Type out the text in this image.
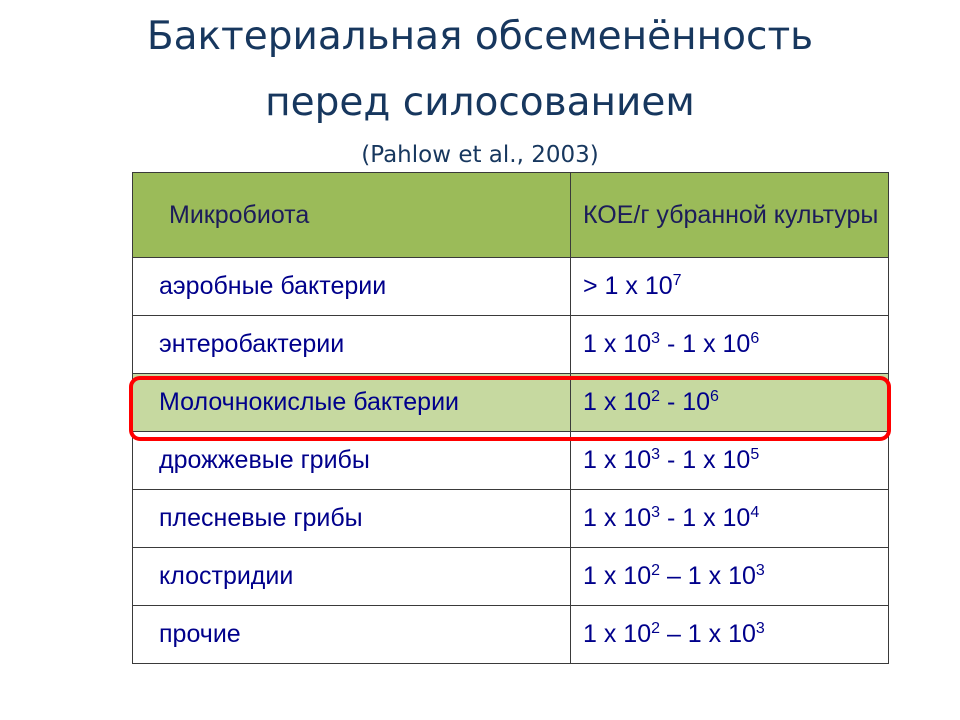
Бактериальная обсеменённость
перед силосованием
(Pahlow et al., 2003)
Микробиота	КОЕ/г убранной культуры
аэробные бактерии	> 1 х $10^7$
энтеробактерии	1 х $10^3 - 1$ х $10^6$
Молочнокислые бактерии	1 х $10^2 - 10^6$
дрожжевые грибы	1 х $10^3 - 1$ х $10^5$
плесневые грибы	1 х $10^3 - 1$ х $10^4$
клостридии	1 х $10^2 - 1$ х $10^3$
прочие	1 х $10^2 - 1$ х $10^3$
